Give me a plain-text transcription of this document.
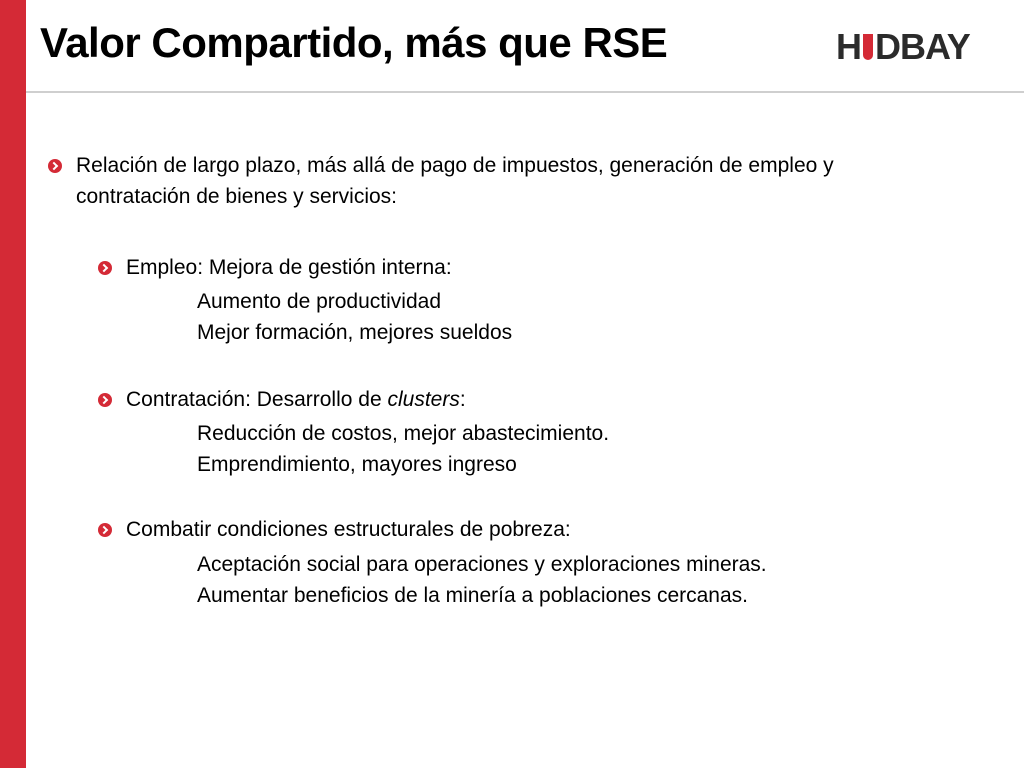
Valor Compartido, más que RSE	H DBAY
Relación de largo plazo, más allá de pago de impuestos, generación de empleo y contratación de bienes y servicios:
Empleo: Mejora de gestión interna:
Aumento de productividad
Mejor formación, mejores sueldos
Contratación: Desarrollo de clusters:
Reducción de costos, mejor abastecimiento.
Emprendimiento, mayores ingreso
Combatir condiciones estructurales de pobreza:
Aceptación social para operaciones y exploraciones mineras.
Aumentar beneficios de la minería a poblaciones cercanas.
